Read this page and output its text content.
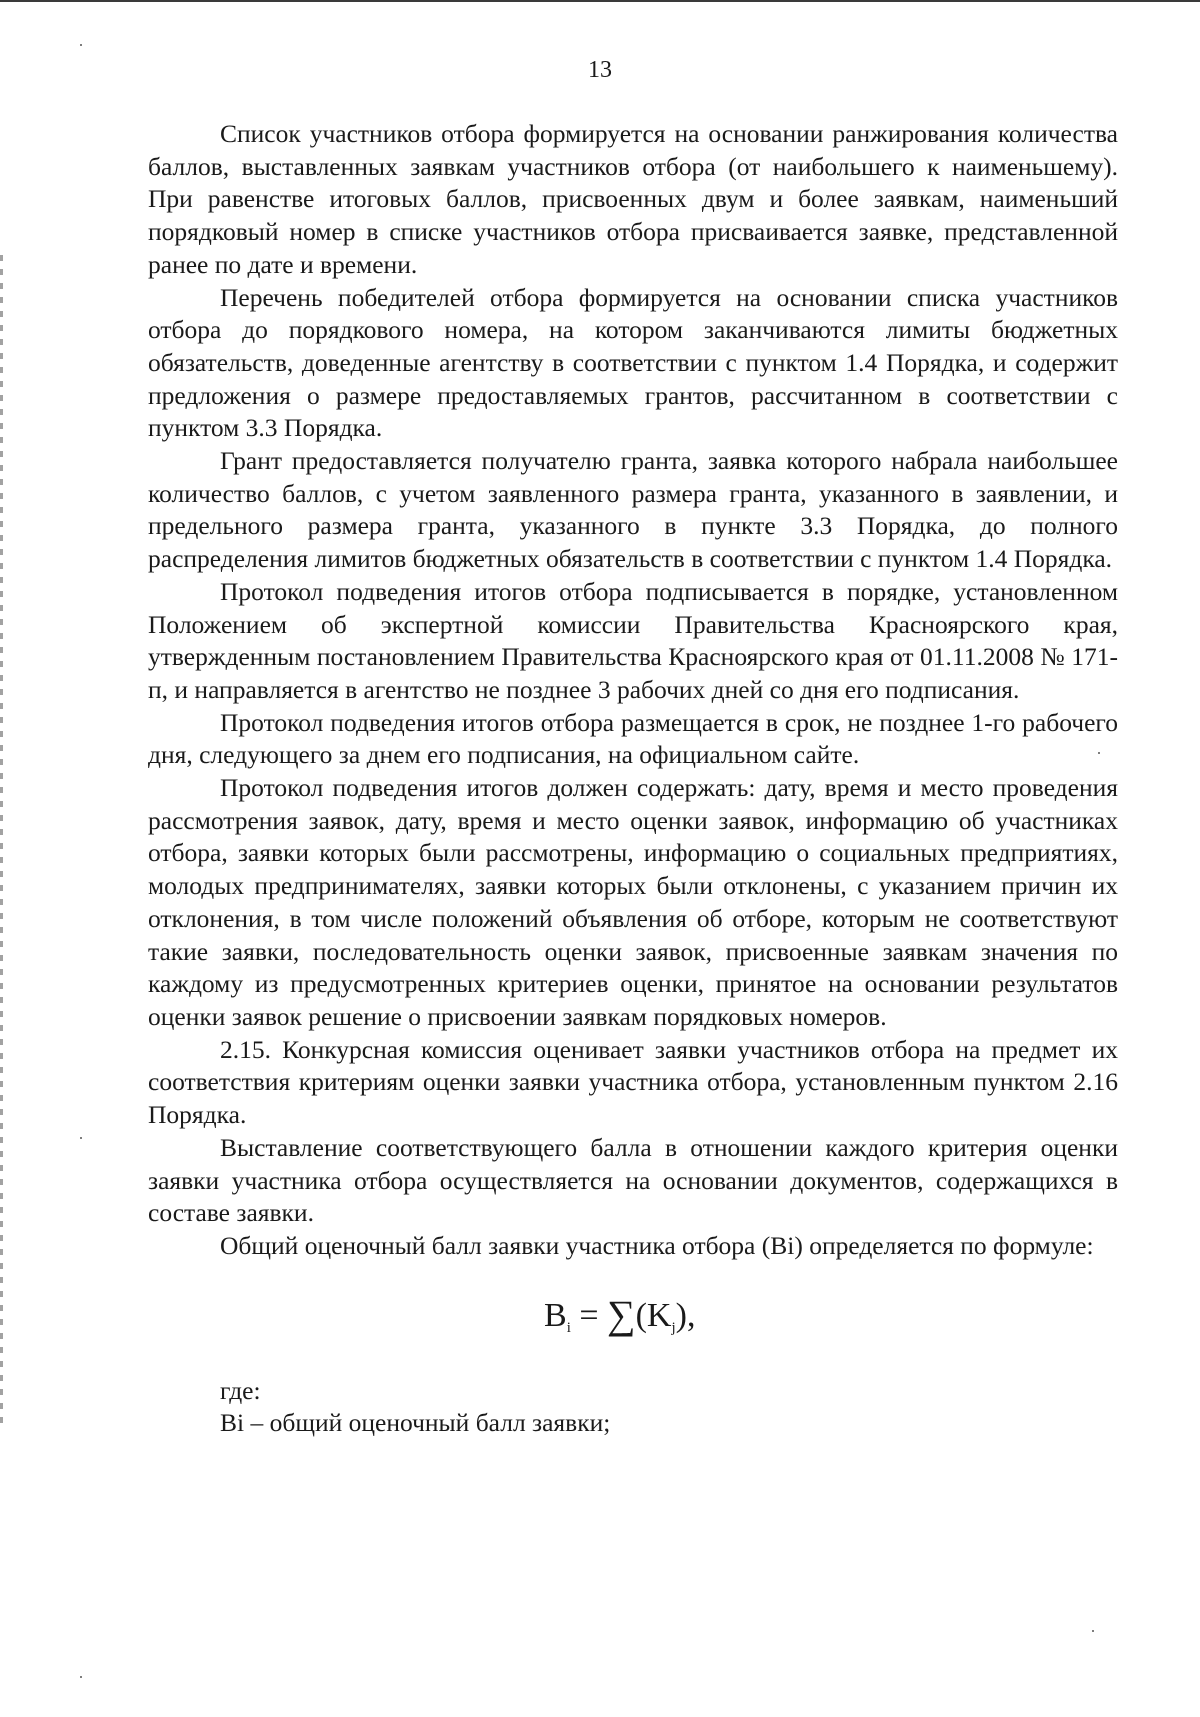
13

Список участников отбора формируется на основании ранжирования количества баллов, выставленных заявкам участников отбора (от наибольшего к наименьшему). При равенстве итоговых баллов, присвоенных двум и более заявкам, наименьший порядковый номер в списке участников отбора присваивается заявке, представленной ранее по дате и времени.

Перечень победителей отбора формируется на основании списка участников отбора до порядкового номера, на котором заканчиваются лимиты бюджетных обязательств, доведенные агентству в соответствии с пунктом 1.4 Порядка, и содержит предложения о размере предоставляемых грантов, рассчитанном в соответствии с пунктом 3.3 Порядка.

Грант предоставляется получателю гранта, заявка которого набрала наибольшее количество баллов, с учетом заявленного размера гранта, указанного в заявлении, и предельного размера гранта, указанного в пункте 3.3 Порядка, до полного распределения лимитов бюджетных обязательств в соответствии с пунктом 1.4 Порядка.

Протокол подведения итогов отбора подписывается в порядке, установленном Положением об экспертной комиссии Правительства Красноярского края, утвержденным постановлением Правительства Красноярского края от 01.11.2008 № 171-п, и направляется в агентство не позднее 3 рабочих дней со дня его подписания.

Протокол подведения итогов отбора размещается в срок, не позднее 1-го рабочего дня, следующего за днем его подписания, на официальном сайте.

Протокол подведения итогов должен содержать: дату, время и место проведения рассмотрения заявок, дату, время и место оценки заявок, информацию об участниках отбора, заявки которых были рассмотрены, информацию о социальных предприятиях, молодых предпринимателях, заявки которых были отклонены, с указанием причин их отклонения, в том числе положений объявления об отборе, которым не соответствуют такие заявки, последовательность оценки заявок, присвоенные заявкам значения по каждому из предусмотренных критериев оценки, принятое на основании результатов оценки заявок решение о присвоении заявкам порядковых номеров.

2.15. Конкурсная комиссия оценивает заявки участников отбора на предмет их соответствия критериям оценки заявки участника отбора, установленным пунктом 2.16 Порядка.

Выставление соответствующего балла в отношении каждого критерия оценки заявки участника отбора осуществляется на основании документов, содержащихся в составе заявки.

Общий оценочный балл заявки участника отбора (Bi) определяется по формуле:

$B_i = \sum(K_j)$,

где:

Bi – общий оценочный балл заявки;
